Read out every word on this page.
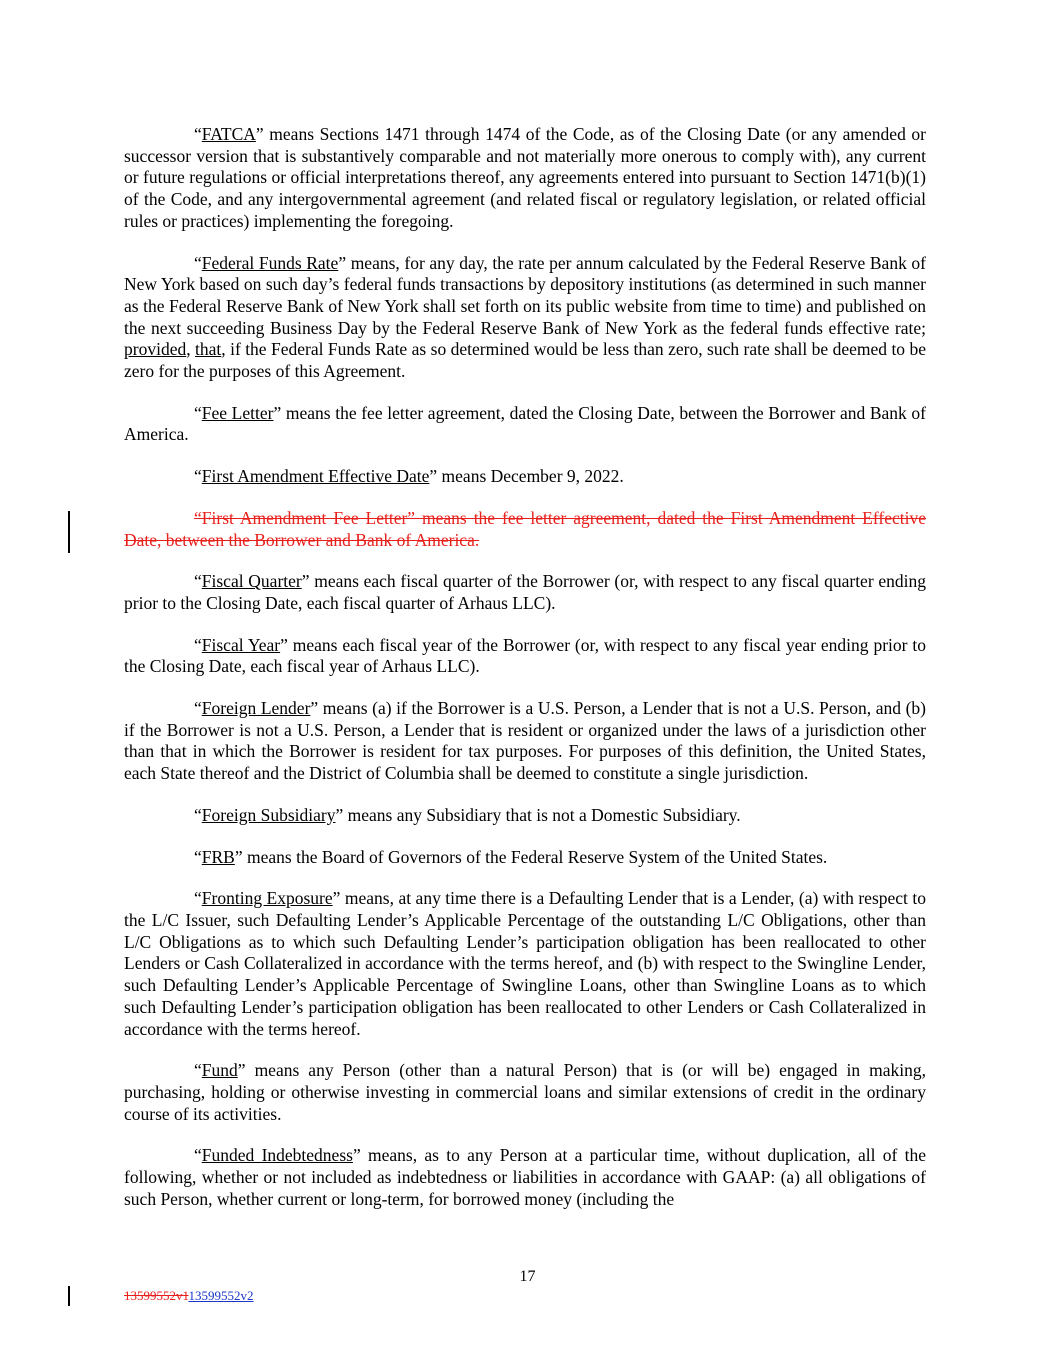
“FATCA” means Sections 1471 through 1474 of the Code, as of the Closing Date (or any amended or successor version that is substantively comparable and not materially more onerous to comply with), any current or future regulations or official interpretations thereof, any agreements entered into pursuant to Section 1471(b)(1) of the Code, and any intergovernmental agreement (and related fiscal or regulatory legislation, or related official rules or practices) implementing the foregoing.

“Federal Funds Rate” means, for any day, the rate per annum calculated by the Federal Reserve Bank of New York based on such day’s federal funds transactions by depository institutions (as determined in such manner as the Federal Reserve Bank of New York shall set forth on its public website from time to time) and published on the next succeeding Business Day by the Federal Reserve Bank of New York as the federal funds effective rate; provided, that, if the Federal Funds Rate as so determined would be less than zero, such rate shall be deemed to be zero for the purposes of this Agreement.

“Fee Letter” means the fee letter agreement, dated the Closing Date, between the Borrower and Bank of America.

“First Amendment Effective Date” means December 9, 2022.

“First Amendment Fee Letter” means the fee letter agreement, dated the First Amendment Effective Date, between the Borrower and Bank of America.

“Fiscal Quarter” means each fiscal quarter of the Borrower (or, with respect to any fiscal quarter ending prior to the Closing Date, each fiscal quarter of Arhaus LLC).

“Fiscal Year” means each fiscal year of the Borrower (or, with respect to any fiscal year ending prior to the Closing Date, each fiscal year of Arhaus LLC).

“Foreign Lender” means (a) if the Borrower is a U.S. Person, a Lender that is not a U.S. Person, and (b) if the Borrower is not a U.S. Person, a Lender that is resident or organized under the laws of a jurisdiction other than that in which the Borrower is resident for tax purposes. For purposes of this definition, the United States, each State thereof and the District of Columbia shall be deemed to constitute a single jurisdiction.

“Foreign Subsidiary” means any Subsidiary that is not a Domestic Subsidiary.

“FRB” means the Board of Governors of the Federal Reserve System of the United States.

“Fronting Exposure” means, at any time there is a Defaulting Lender that is a Lender, (a) with respect to the L/C Issuer, such Defaulting Lender’s Applicable Percentage of the outstanding L/C Obligations, other than L/C Obligations as to which such Defaulting Lender’s participation obligation has been reallocated to other Lenders or Cash Collateralized in accordance with the terms hereof, and (b) with respect to the Swingline Lender, such Defaulting Lender’s Applicable Percentage of Swingline Loans, other than Swingline Loans as to which such Defaulting Lender’s participation obligation has been reallocated to other Lenders or Cash Collateralized in accordance with the terms hereof.

“Fund” means any Person (other than a natural Person) that is (or will be) engaged in making, purchasing, holding or otherwise investing in commercial loans and similar extensions of credit in the ordinary course of its activities.

“Funded Indebtedness” means, as to any Person at a particular time, without duplication, all of the following, whether or not included as indebtedness or liabilities in accordance with GAAP: (a) all obligations of such Person, whether current or long-term, for borrowed money (including the

17
13599552v113599552v2
